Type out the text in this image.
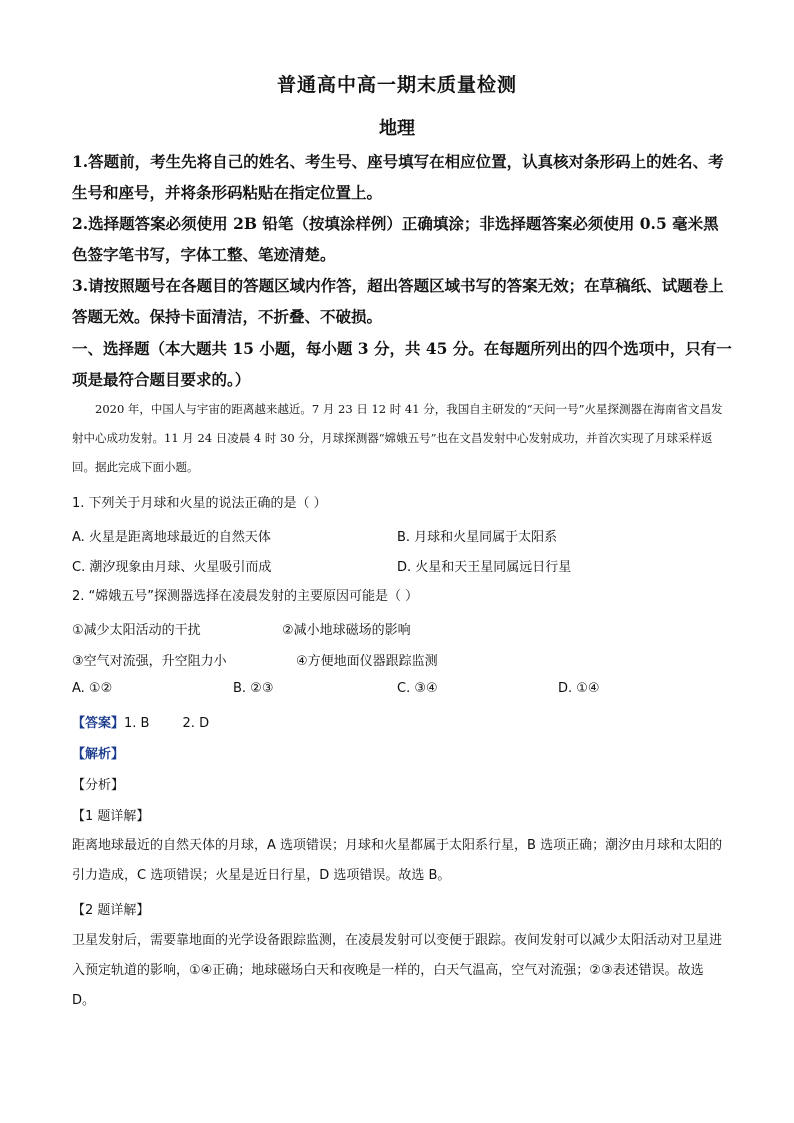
普通高中高一期末质量检测
地理
1.答题前，考生先将自己的姓名、考生号、座号填写在相应位置，认真核对条形码上的姓名、考生号和座号，并将条形码粘贴在指定位置上。
2.选择题答案必须使用 2B 铅笔（按填涂样例）正确填涂；非选择题答案必须使用 0.5 毫米黑色签字笔书写，字体工整、笔迹清楚。
3.请按照题号在各题目的答题区域内作答，超出答题区域书写的答案无效；在草稿纸、试题卷上答题无效。保持卡面清洁，不折叠、不破损。
一、选择题（本大题共 15 小题，每小题 3 分，共 45 分。在每题所列出的四个选项中，只有一项是最符合题目要求的。）
2020 年，中国人与宇宙的距离越来越近。7 月 23 日 12 时 41 分，我国自主研发的“天问一号”火星探测器在海南省文昌发射中心成功发射。11 月 24 日凌晨 4 时 30 分，月球探测器“嫦娥五号”也在文昌发射中心发射成功，并首次实现了月球采样返回。据此完成下面小题。
1. 下列关于月球和火星的说法正确的是（ ）
A. 火星是距离地球最近的自然天体	B. 月球和火星同属于太阳系
C. 潮汐现象由月球、火星吸引而成	D. 火星和天王星同属远日行星
2. “嫦娥五号”探测器选择在凌晨发射的主要原因可能是（ ）
①减少太阳活动的干扰	②减小地球磁场的影响
③空气对流强，升空阻力小	④方便地面仪器跟踪监测
A. ①②	B. ②③	C. ③④	D. ①④
【答案】1. B        2. D
【解析】
【分析】
【1 题详解】
距离地球最近的自然天体的月球，A 选项错误；月球和火星都属于太阳系行星，B 选项正确；潮汐由月球和太阳的引力造成，C 选项错误；火星是近日行星，D 选项错误。故选 B。
【2 题详解】
卫星发射后，需要靠地面的光学设备跟踪监测，在凌晨发射可以变便于跟踪。夜间发射可以减少太阳活动对卫星进入预定轨道的影响，①④正确；地球磁场白天和夜晚是一样的，白天气温高，空气对流强；②③表述错误。故选 D。
